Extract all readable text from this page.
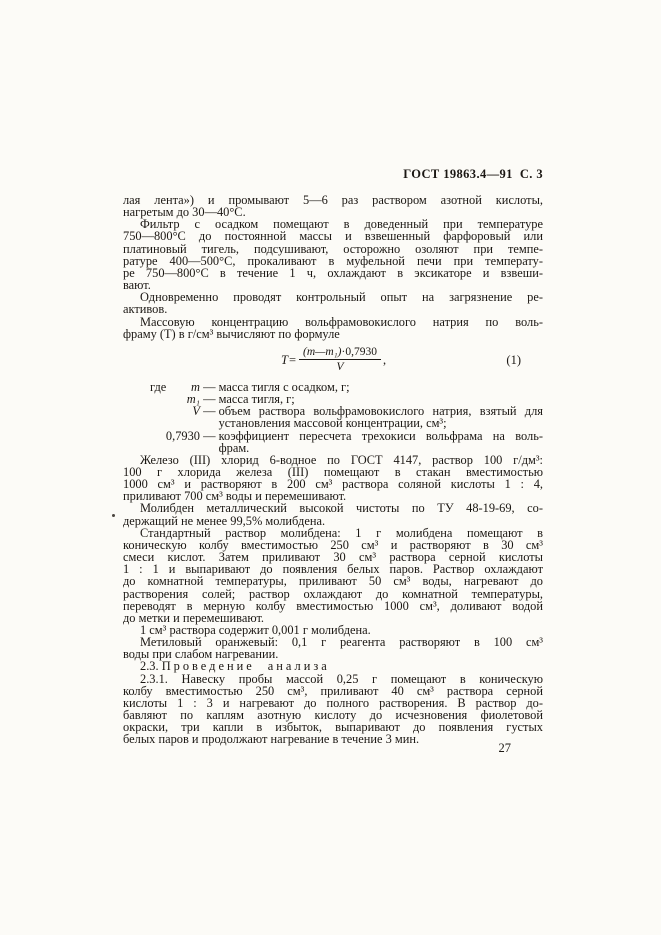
ГОСТ 19863.4—91  С. 3
лая лента») и промывают 5—6 раз раствором азотной кислоты,
нагретым до 30—40°С.
Фильтр с осадком помещают в доведенный при температуре
750—800°С до постоянной массы и взвешенный фарфоровый или
платиновый тигель, подсушивают, осторожно озоляют при темпе-
ратуре 400—500°С, прокаливают в муфельной печи при температу-
ре 750—800°С в течение 1 ч, охлаждают в эксикаторе и взвеши-
вают.
Одновременно проводят контрольный опыт на загрязнение ре-
активов.
Массовую концентрацию вольфрамовокислого натрия по воль-
фраму (Т) в г/см³ вычисляют по формуле
$T = \frac{\text{(m—m₁)·0,7930}}{V}$ ,	(1)
где m — масса тигля с осадком, г;
m₁ — масса тигля, г;
V — объем раствора вольфрамовокислого натрия, взятый для
установления массовой концентрации, см³;
0,7930 — коэффициент пересчета трехокиси вольфрама на воль-
фрам.
Железо (III) хлорид 6-водное по ГОСТ 4147, раствор 100 г/дм³:
100 г хлорида железа (III) помещают в стакан вместимостью
1000 см³ и растворяют в 200 см³ раствора соляной кислоты 1 : 4,
приливают 700 см³ воды и перемешивают.
Молибден металлический высокой чистоты по ТУ 48-19-69, со-
держащий не менее 99,5% молибдена.
Стандартный раствор молибдена: 1 г молибдена помещают в
коническую колбу вместимостью 250 см³ и растворяют в 30 см³
смеси кислот. Затем приливают 30 см³ раствора серной кислоты
1 : 1 и выпаривают до появления белых паров. Раствор охлаждают
до комнатной температуры, приливают 50 см³ воды, нагревают до
растворения солей; раствор охлаждают до комнатной температуры,
переводят в мерную колбу вместимостью 1000 см³, доливают водой
до метки и перемешивают.
1 см³ раствора содержит 0,001 г молибдена.
Метиловый оранжевый: 0,1 г реагента растворяют в 100 см³
воды при слабом нагревании.
2.3. Проведение анализа
2.3.1. Навеску пробы массой 0,25 г помещают в коническую
колбу вместимостью 250 см³, приливают 40 см³ раствора серной
кислоты 1 : 3 и нагревают до полного растворения. В раствор до-
бавляют по каплям азотную кислоту до исчезновения фиолетовой
окраски, три капли в избыток, выпаривают до появления густых
белых паров и продолжают нагревание в течение 3 мин.
27
